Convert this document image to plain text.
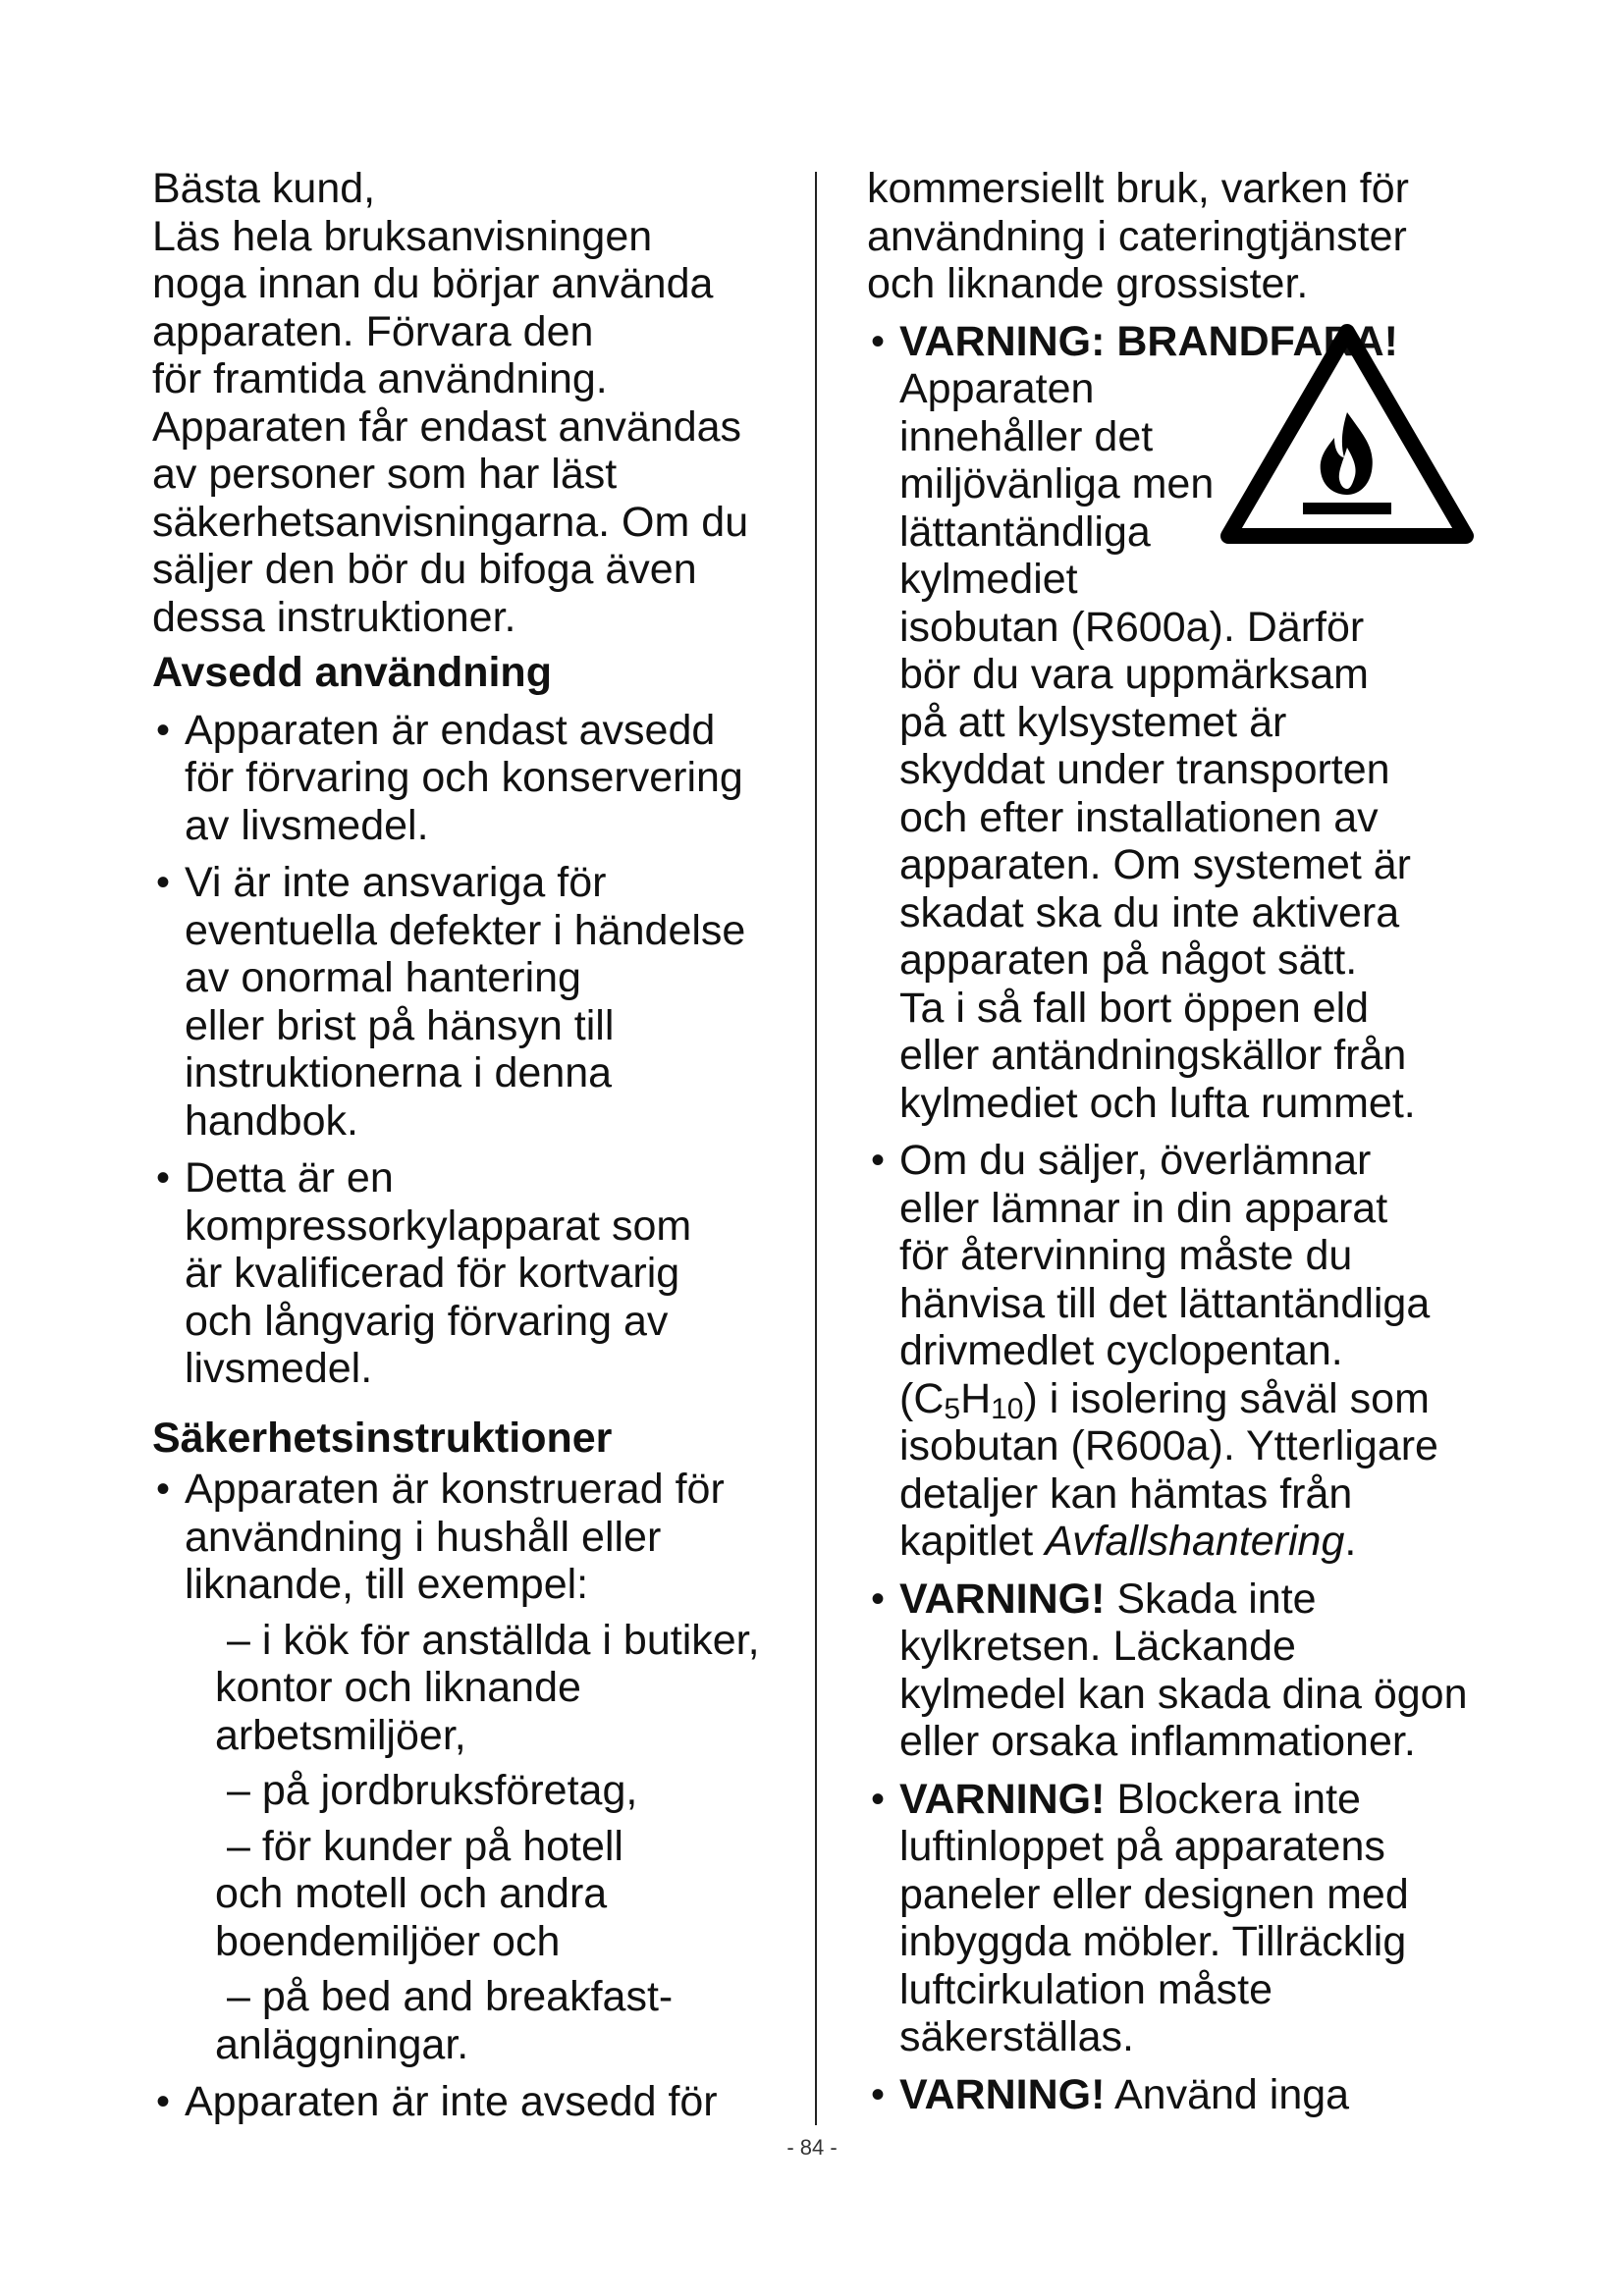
Bästa kund,
Läs hela bruksanvisningen
noga innan du börjar använda
apparaten. Förvara den
för framtida användning.
Apparaten får endast användas
av personer som har läst
säkerhetsanvisningarna. Om du
säljer den bör du bifoga även
dessa instruktioner.
Avsedd användning
• Apparaten är endast avsedd
för förvaring och konservering
av livsmedel.
• Vi är inte ansvariga för
eventuella defekter i händelse
av onormal hantering
eller brist på hänsyn till
instruktionerna i denna
handbok.
• Detta är en
kompressorkylapparat som
är kvalificerad för kortvarig
och långvarig förvaring av
livsmedel.
Säkerhetsinstruktioner
• Apparaten är konstruerad för
användning i hushåll eller
liknande, till exempel:
– i kök för anställda i butiker,
kontor och liknande
arbetsmiljöer,
– på jordbruksföretag,
– för kunder på hotell
och motell och andra
boendemiljöer och
– på bed and breakfast-
anläggningar.
• Apparaten är inte avsedd för
kommersiellt bruk, varken för
användning i cateringtjänster
och liknande grossister.
• VARNING: BRANDFARA!
Apparaten
innehåller det
miljövänliga men
lättantändliga
kylmediet
isobutan (R600a). Därför
bör du vara uppmärksam
på att kylsystemet är
skyddat under transporten
och efter installationen av
apparaten. Om systemet är
skadat ska du inte aktivera
apparaten på något sätt.
Ta i så fall bort öppen eld
eller antändningskällor från
kylmediet och lufta rummet.
• Om du säljer, överlämnar
eller lämnar in din apparat
för återvinning måste du
hänvisa till det lättantändliga
drivmedlet cyclopentan.
$(C_5H_{10})$ i isolering såväl som
isobutan (R600a). Ytterligare
detaljer kan hämtas från
kapitlet Avfallshantering.
• VARNING! Skada inte
kylkretsen. Läckande
kylmedel kan skada dina ögon
eller orsaka inflammationer.
• VARNING! Blockera inte
luftinloppet på apparatens
paneler eller designen med
inbyggda möbler. Tillräcklig
luftcirkulation måste
säkerställas.
• VARNING! Använd inga
- 84 -
